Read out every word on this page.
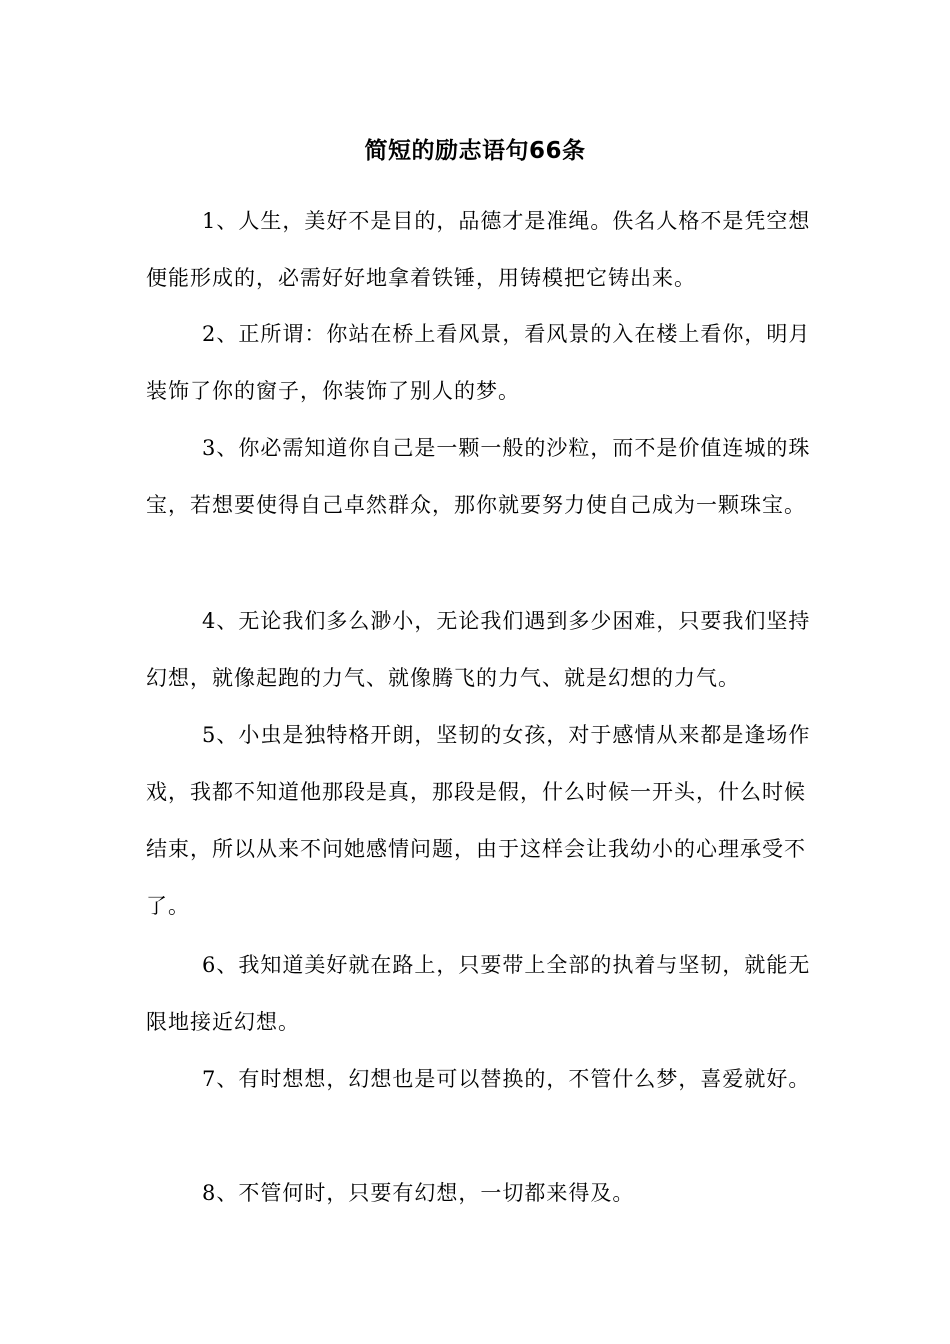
简短的励志语句66条

1、人生，美好不是目的，品德才是准绳。佚名人格不是凭空想便能形成的，必需好好地拿着铁锤，用铸模把它铸出来。

2、正所谓：你站在桥上看风景，看风景的入在楼上看你，明月装饰了你的窗子，你装饰了别人的梦。

3、你必需知道你自己是一颗一般的沙粒，而不是价值连城的珠宝，若想要使得自己卓然群众，那你就要努力使自己成为一颗珠宝。

4、无论我们多么渺小，无论我们遇到多少困难，只要我们坚持幻想，就像起跑的力气、就像腾飞的力气、就是幻想的力气。

5、小虫是独特格开朗，坚韧的女孩，对于感情从来都是逢场作戏，我都不知道他那段是真，那段是假，什么时候一开头，什么时候结束，所以从来不问她感情问题，由于这样会让我幼小的心理承受不了。

6、我知道美好就在路上，只要带上全部的执着与坚韧，就能无限地接近幻想。

7、有时想想，幻想也是可以替换的，不管什么梦，喜爱就好。

8、不管何时，只要有幻想，一切都来得及。
